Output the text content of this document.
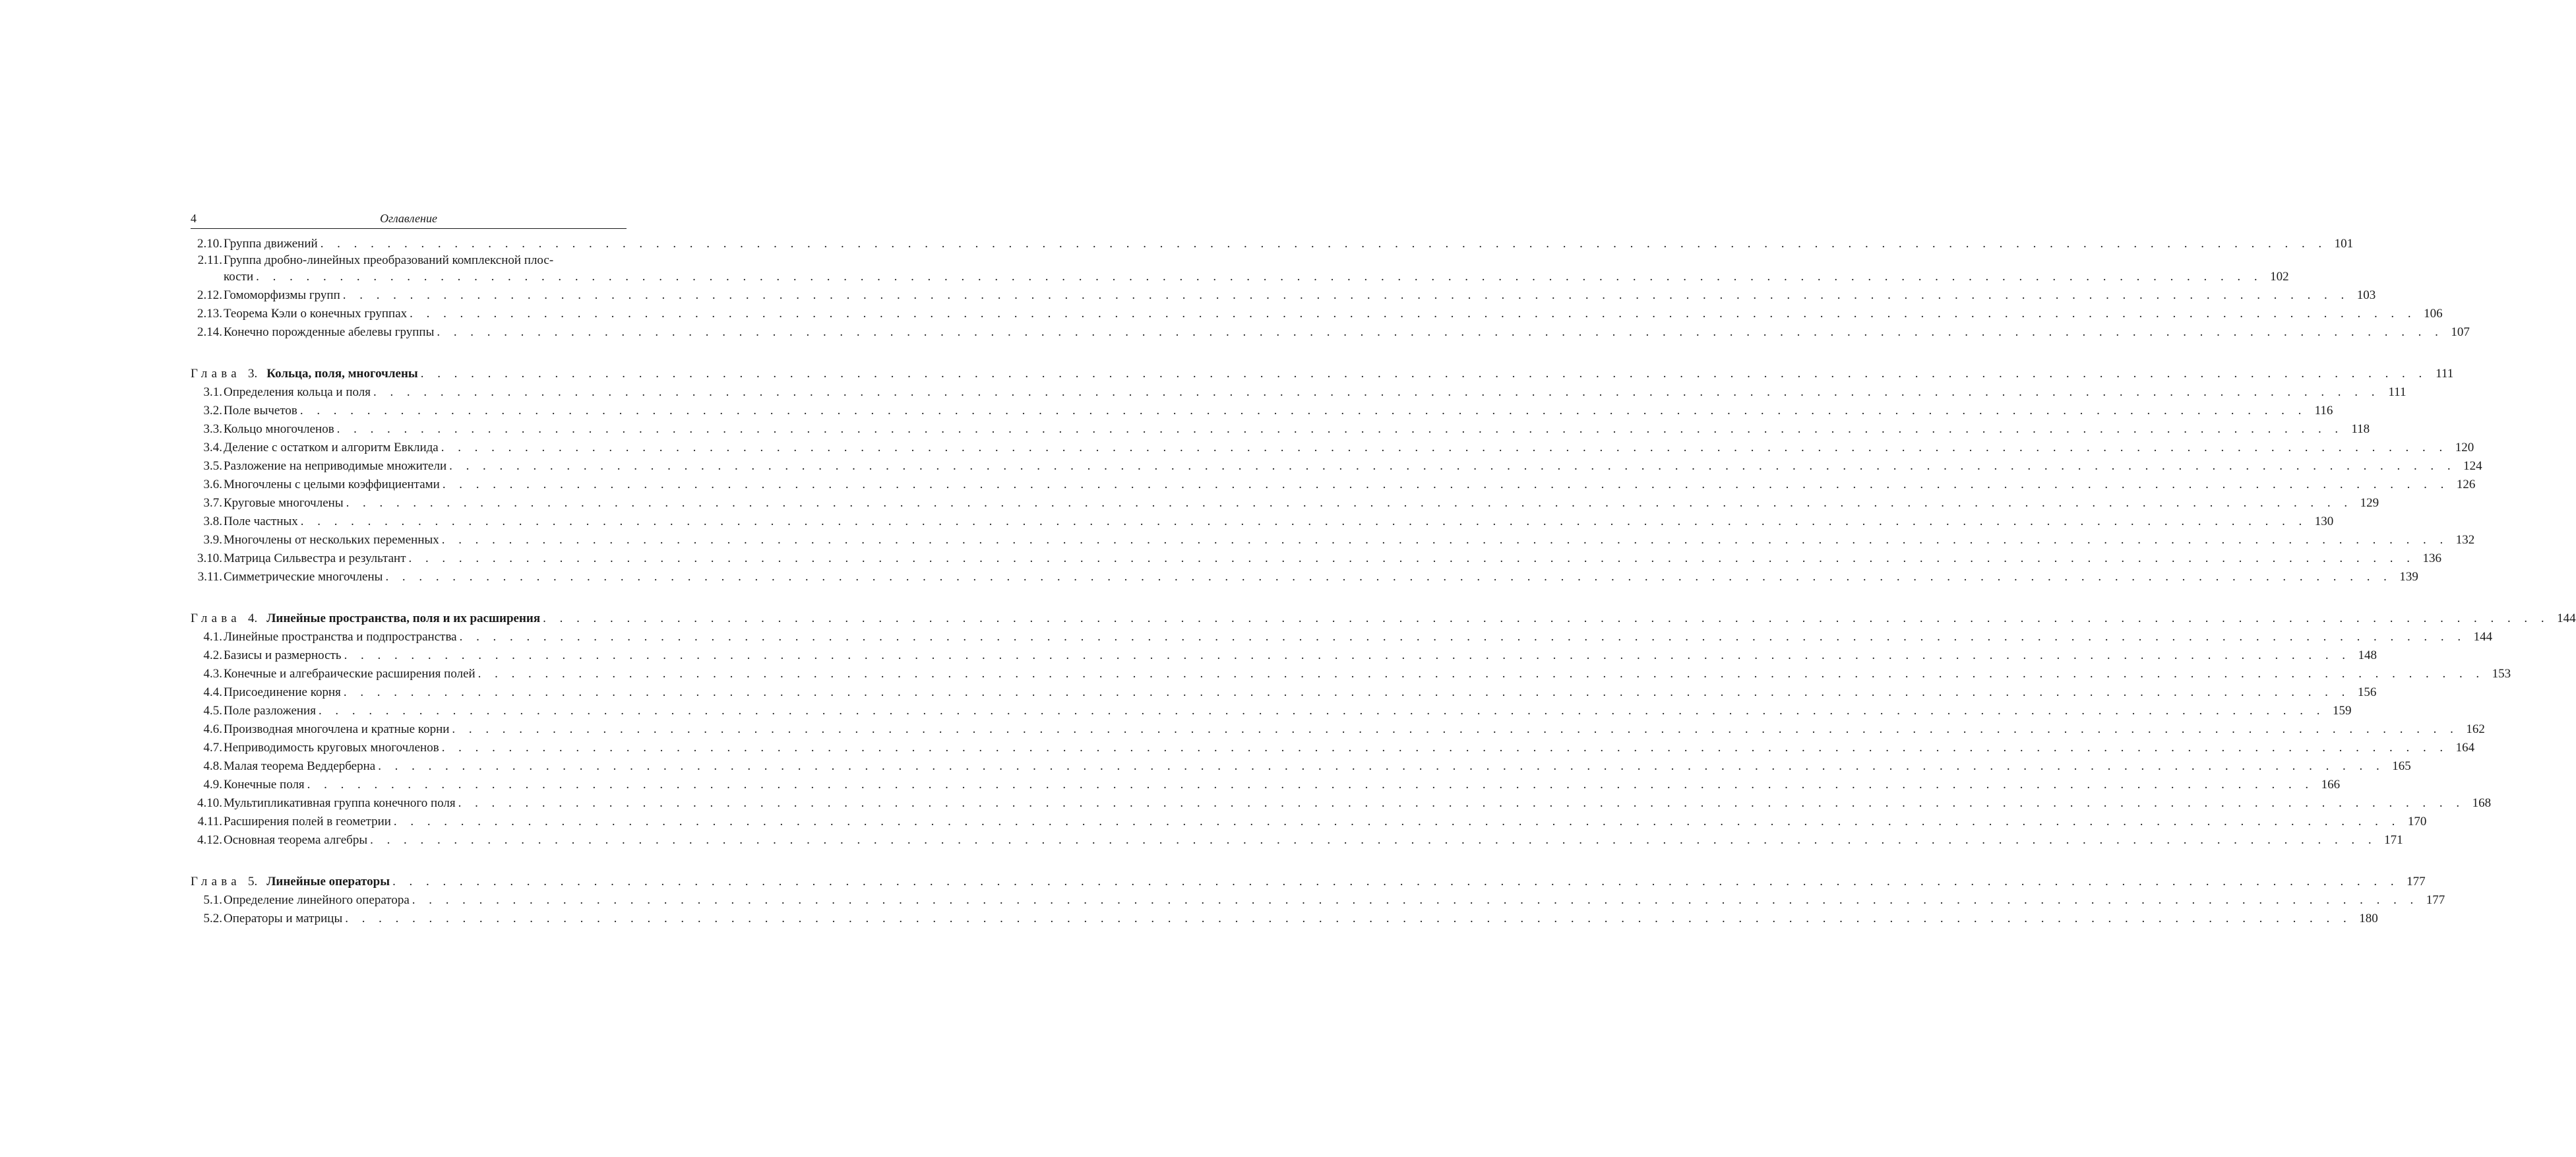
4	Оглавление
2.10. Группа движений . . . . . . . . . . . . . . . . . . . . . . . . . . . . . . . . . . . . . . . . . . . . . . . . . . . . . . . . . . . . . . . . . . . . . . . . . . . . . . . . . . . . . . . . . . . . . . . . . . . . . . . . . . . . . . . . . . . . . . . . 101
2.11. Группа дробно-линейных преобразований комплексной плос-
кости . . . . . . . . . . . . . . . . . . . . . . . . . . . . . . . . . . . . . . . . . . . . . . . . . . . . . . . . . . . . . . . . . . . . . . . . . . . . . . . . . . . . . . . . . . . . . . . . . . . . . . . . . . . . . . . . . . . . . . . . 102
2.12. Гомоморфизмы групп . . . . . . . . . . . . . . . . . . . . . . . . . . . . . . . . . . . . . . . . . . . . . . . . . . . . . . . . . . . . . . . . . . . . . . . . . . . . . . . . . . . . . . . . . . . . . . . . . . . . . . . . . . . . . . . . . . . . . . . . 103
2.13. Теорема Кэли о конечных группах . . . . . . . . . . . . . . . . . . . . . . . . . . . . . . . . . . . . . . . . . . . . . . . . . . . . . . . . . . . . . . . . . . . . . . . . . . . . . . . . . . . . . . . . . . . . . . . . . . . . . . . . . . . . . . . . . . . . . . . . 106
2.14. Конечно порожденные абелевы группы . . . . . . . . . . . . . . . . . . . . . . . . . . . . . . . . . . . . . . . . . . . . . . . . . . . . . . . . . . . . . . . . . . . . . . . . . . . . . . . . . . . . . . . . . . . . . . . . . . . . . . . . . . . . . . . . . . . . . . . . 107
Глава 3. Кольца, поля, многочлены . . . . . . . . . . . . . . . . . . . . . . . . . . . . . . . . . . . . . . . . . . . . . . . . . . . . . . . . . . . . . . . . . . . . . . . . . . . . . . . . . . . . . . . . . . . . . . . . . . . . . . . . . . . . . . . . . . . . . . . . 111
3.1. Определения кольца и поля . . . . . . . . . . . . . . . . . . . . . . . . . . . . . . . . . . . . . . . . . . . . . . . . . . . . . . . . . . . . . . . . . . . . . . . . . . . . . . . . . . . . . . . . . . . . . . . . . . . . . . . . . . . . . . . . . . . . . . . . 111
3.2. Поле вычетов . . . . . . . . . . . . . . . . . . . . . . . . . . . . . . . . . . . . . . . . . . . . . . . . . . . . . . . . . . . . . . . . . . . . . . . . . . . . . . . . . . . . . . . . . . . . . . . . . . . . . . . . . . . . . . . . . . . . . . . . 116
3.3. Кольцо многочленов . . . . . . . . . . . . . . . . . . . . . . . . . . . . . . . . . . . . . . . . . . . . . . . . . . . . . . . . . . . . . . . . . . . . . . . . . . . . . . . . . . . . . . . . . . . . . . . . . . . . . . . . . . . . . . . . . . . . . . . . 118
3.4. Деление с остатком и алгоритм Евклида . . . . . . . . . . . . . . . . . . . . . . . . . . . . . . . . . . . . . . . . . . . . . . . . . . . . . . . . . . . . . . . . . . . . . . . . . . . . . . . . . . . . . . . . . . . . . . . . . . . . . . . . . . . . . . . . . . . . . . . . 120
3.5. Разложение на неприводимые множители . . . . . . . . . . . . . . . . . . . . . . . . . . . . . . . . . . . . . . . . . . . . . . . . . . . . . . . . . . . . . . . . . . . . . . . . . . . . . . . . . . . . . . . . . . . . . . . . . . . . . . . . . . . . . . . . . . . . . . . . 124
3.6. Многочлены с целыми коэффициентами . . . . . . . . . . . . . . . . . . . . . . . . . . . . . . . . . . . . . . . . . . . . . . . . . . . . . . . . . . . . . . . . . . . . . . . . . . . . . . . . . . . . . . . . . . . . . . . . . . . . . . . . . . . . . . . . . . . . . . . . 126
3.7. Круговые многочлены . . . . . . . . . . . . . . . . . . . . . . . . . . . . . . . . . . . . . . . . . . . . . . . . . . . . . . . . . . . . . . . . . . . . . . . . . . . . . . . . . . . . . . . . . . . . . . . . . . . . . . . . . . . . . . . . . . . . . . . . 129
3.8. Поле частных . . . . . . . . . . . . . . . . . . . . . . . . . . . . . . . . . . . . . . . . . . . . . . . . . . . . . . . . . . . . . . . . . . . . . . . . . . . . . . . . . . . . . . . . . . . . . . . . . . . . . . . . . . . . . . . . . . . . . . . . 130
3.9. Многочлены от нескольких переменных . . . . . . . . . . . . . . . . . . . . . . . . . . . . . . . . . . . . . . . . . . . . . . . . . . . . . . . . . . . . . . . . . . . . . . . . . . . . . . . . . . . . . . . . . . . . . . . . . . . . . . . . . . . . . . . . . . . . . . . . 132
3.10. Матрица Сильвестра и результант . . . . . . . . . . . . . . . . . . . . . . . . . . . . . . . . . . . . . . . . . . . . . . . . . . . . . . . . . . . . . . . . . . . . . . . . . . . . . . . . . . . . . . . . . . . . . . . . . . . . . . . . . . . . . . . . . . . . . . . . 136
3.11. Симметрические многочлены . . . . . . . . . . . . . . . . . . . . . . . . . . . . . . . . . . . . . . . . . . . . . . . . . . . . . . . . . . . . . . . . . . . . . . . . . . . . . . . . . . . . . . . . . . . . . . . . . . . . . . . . . . . . . . . . . . . . . . . . 139
Глава 4. Линейные пространства, поля и их расширения . . . . . . . . . . . . . . . . . . . . . . . . . . . . . . . . . . . . . . . . . . . . . . . . . . . . . . . . . . . . . . . . . . . . . . . . . . . . . . . . . . . . . . . . . . . . . . . . . . . . . . . . . . . . . . . . . . . . . . . . 144
4.1. Линейные пространства и подпространства . . . . . . . . . . . . . . . . . . . . . . . . . . . . . . . . . . . . . . . . . . . . . . . . . . . . . . . . . . . . . . . . . . . . . . . . . . . . . . . . . . . . . . . . . . . . . . . . . . . . . . . . . . . . . . . . . . . . . . . . 144
4.2. Базисы и размерность . . . . . . . . . . . . . . . . . . . . . . . . . . . . . . . . . . . . . . . . . . . . . . . . . . . . . . . . . . . . . . . . . . . . . . . . . . . . . . . . . . . . . . . . . . . . . . . . . . . . . . . . . . . . . . . . . . . . . . . . 148
4.3. Конечные и алгебраические расширения полей . . . . . . . . . . . . . . . . . . . . . . . . . . . . . . . . . . . . . . . . . . . . . . . . . . . . . . . . . . . . . . . . . . . . . . . . . . . . . . . . . . . . . . . . . . . . . . . . . . . . . . . . . . . . . . . . . . . . . . . . 153
4.4. Присоединение корня . . . . . . . . . . . . . . . . . . . . . . . . . . . . . . . . . . . . . . . . . . . . . . . . . . . . . . . . . . . . . . . . . . . . . . . . . . . . . . . . . . . . . . . . . . . . . . . . . . . . . . . . . . . . . . . . . . . . . . . . 156
4.5. Поле разложения . . . . . . . . . . . . . . . . . . . . . . . . . . . . . . . . . . . . . . . . . . . . . . . . . . . . . . . . . . . . . . . . . . . . . . . . . . . . . . . . . . . . . . . . . . . . . . . . . . . . . . . . . . . . . . . . . . . . . . . . 159
4.6. Производная многочлена и кратные корни . . . . . . . . . . . . . . . . . . . . . . . . . . . . . . . . . . . . . . . . . . . . . . . . . . . . . . . . . . . . . . . . . . . . . . . . . . . . . . . . . . . . . . . . . . . . . . . . . . . . . . . . . . . . . . . . . . . . . . . . 162
4.7. Неприводимость круговых многочленов . . . . . . . . . . . . . . . . . . . . . . . . . . . . . . . . . . . . . . . . . . . . . . . . . . . . . . . . . . . . . . . . . . . . . . . . . . . . . . . . . . . . . . . . . . . . . . . . . . . . . . . . . . . . . . . . . . . . . . . . 164
4.8. Малая теорема Веддерберна . . . . . . . . . . . . . . . . . . . . . . . . . . . . . . . . . . . . . . . . . . . . . . . . . . . . . . . . . . . . . . . . . . . . . . . . . . . . . . . . . . . . . . . . . . . . . . . . . . . . . . . . . . . . . . . . . . . . . . . . 165
4.9. Конечные поля . . . . . . . . . . . . . . . . . . . . . . . . . . . . . . . . . . . . . . . . . . . . . . . . . . . . . . . . . . . . . . . . . . . . . . . . . . . . . . . . . . . . . . . . . . . . . . . . . . . . . . . . . . . . . . . . . . . . . . . . 166
4.10. Мультипликативная группа конечного поля . . . . . . . . . . . . . . . . . . . . . . . . . . . . . . . . . . . . . . . . . . . . . . . . . . . . . . . . . . . . . . . . . . . . . . . . . . . . . . . . . . . . . . . . . . . . . . . . . . . . . . . . . . . . . . . . . . . . . . . . 168
4.11. Расширения полей в геометрии . . . . . . . . . . . . . . . . . . . . . . . . . . . . . . . . . . . . . . . . . . . . . . . . . . . . . . . . . . . . . . . . . . . . . . . . . . . . . . . . . . . . . . . . . . . . . . . . . . . . . . . . . . . . . . . . . . . . . . . . 170
4.12. Основная теорема алгебры . . . . . . . . . . . . . . . . . . . . . . . . . . . . . . . . . . . . . . . . . . . . . . . . . . . . . . . . . . . . . . . . . . . . . . . . . . . . . . . . . . . . . . . . . . . . . . . . . . . . . . . . . . . . . . . . . . . . . . . . 171
Глава 5. Линейные операторы . . . . . . . . . . . . . . . . . . . . . . . . . . . . . . . . . . . . . . . . . . . . . . . . . . . . . . . . . . . . . . . . . . . . . . . . . . . . . . . . . . . . . . . . . . . . . . . . . . . . . . . . . . . . . . . . . . . . . . . . 177
5.1. Определение линейного оператора . . . . . . . . . . . . . . . . . . . . . . . . . . . . . . . . . . . . . . . . . . . . . . . . . . . . . . . . . . . . . . . . . . . . . . . . . . . . . . . . . . . . . . . . . . . . . . . . . . . . . . . . . . . . . . . . . . . . . . . . 177
5.2. Операторы и матрицы . . . . . . . . . . . . . . . . . . . . . . . . . . . . . . . . . . . . . . . . . . . . . . . . . . . . . . . . . . . . . . . . . . . . . . . . . . . . . . . . . . . . . . . . . . . . . . . . . . . . . . . . . . . . . . . . . . . . . . . . 180
